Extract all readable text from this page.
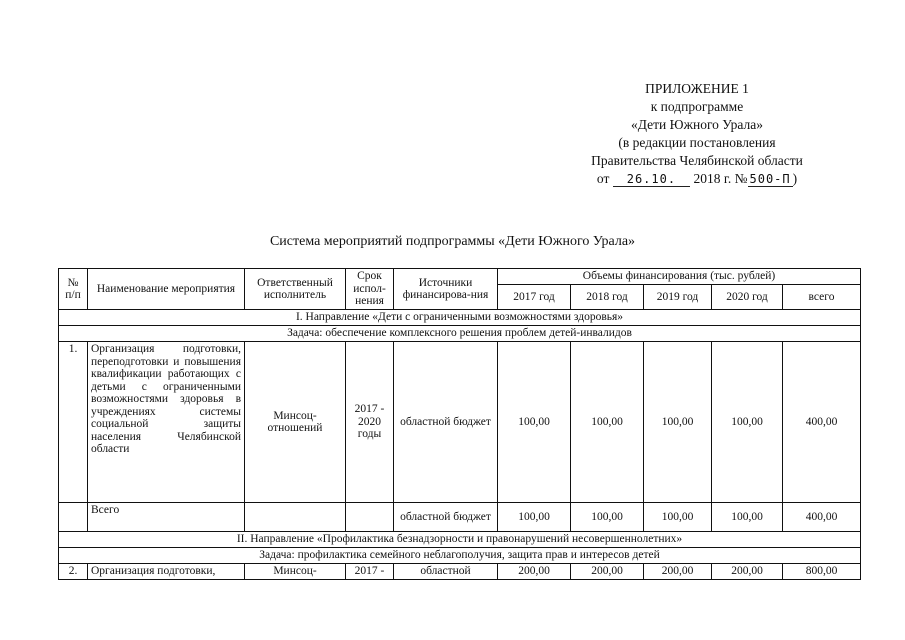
ПРИЛОЖЕНИЕ 1
к подпрограмме
«Дети Южного Урала»
(в редакции постановления
Правительства Челябинской области
от 26.10. 2018 г. № 500-П )
Система мероприятий подпрограммы «Дети Южного Урала»
№ п/п	Наименование мероприятия	Ответственный исполнитель	Срок испол-нения	Источники финансирова-ния	Объемы финансирования (тыс. рублей)				
					2017 год	2018 год	2019 год	2020 год	всего
I. Направление «Дети с ограниченными возможностями здоровья»									
Задача: обеспечение комплексного решения проблем детей-инвалидов									
1.	Организация подготовки, переподготовки и повышения квалификации работающих с детьми с ограниченными возможностями здоровья в учреждениях системы социальной защиты населения Челябинской области	Минсоц-отношений	2017 - 2020 годы	областной бюджет	100,00	100,00	100,00	100,00	400,00
	Всего			областной бюджет	100,00	100,00	100,00	100,00	400,00
II. Направление «Профилактика безнадзорности и правонарушений несовершеннолетних»									
Задача: профилактика семейного неблагополучия, защита прав и интересов детей									
2.	Организация подготовки,	Минсоц-	2017 -	областной	200,00	200,00	200,00	200,00	800,00
